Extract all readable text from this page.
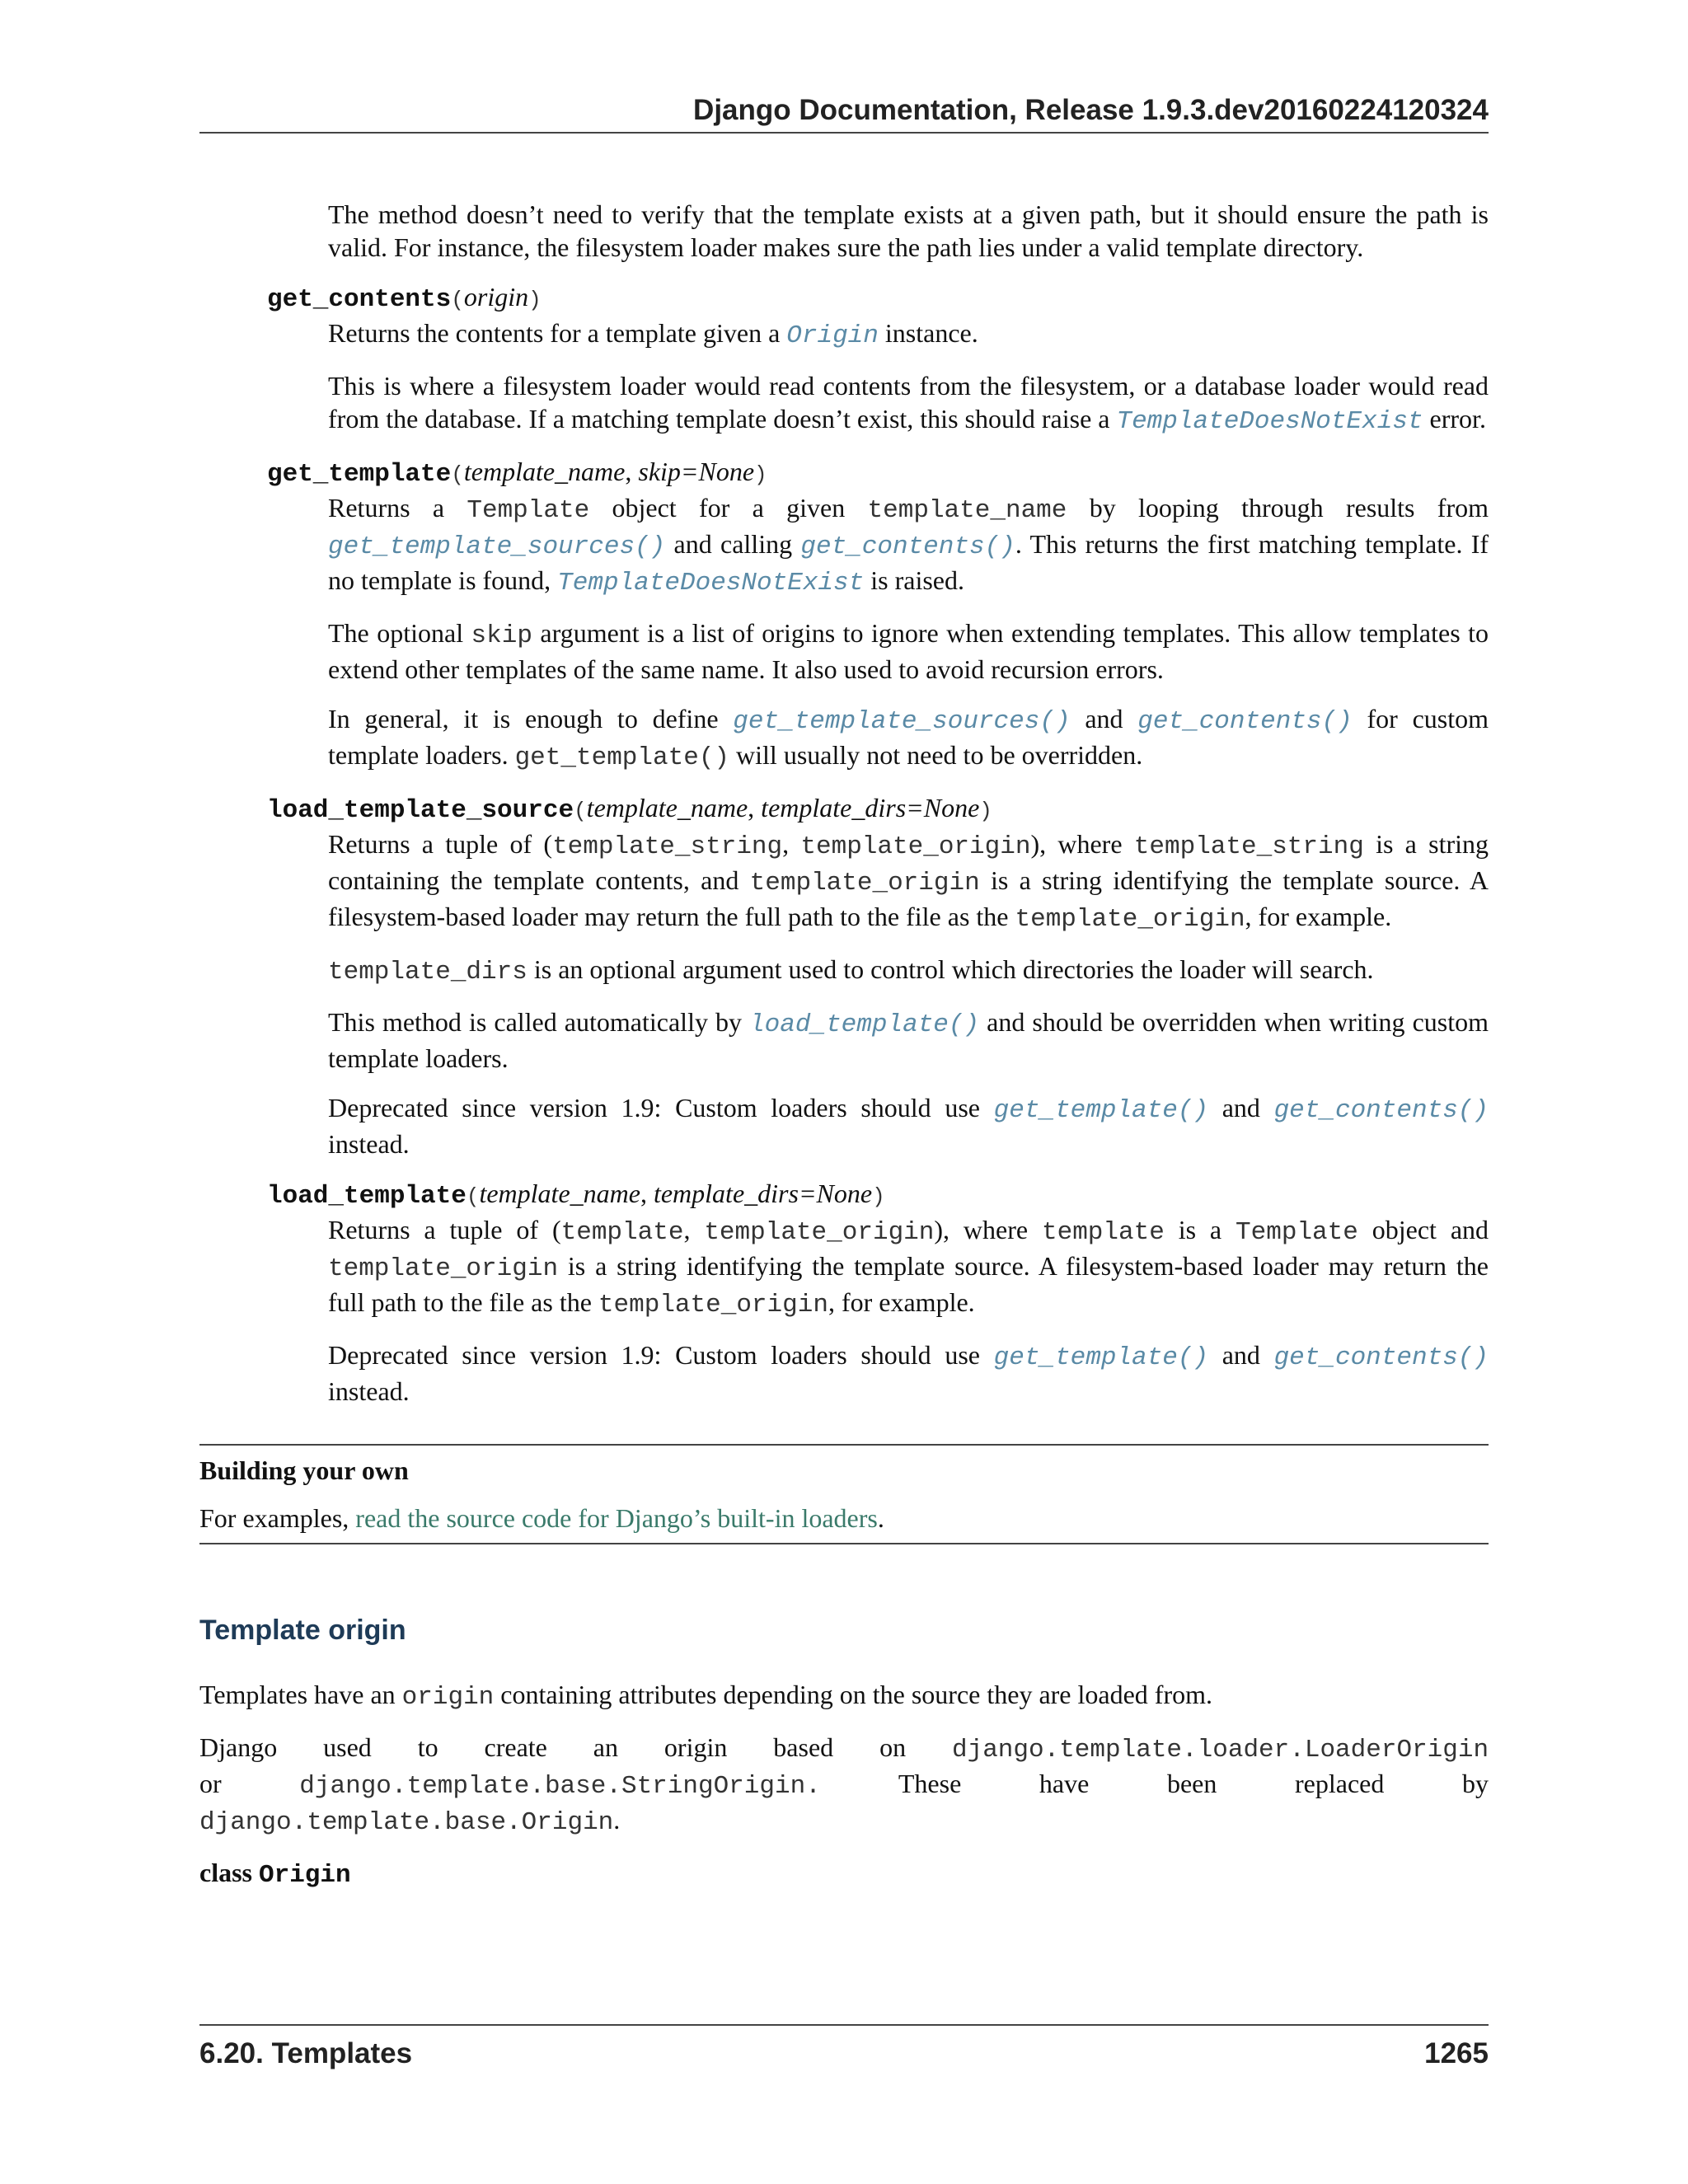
Django Documentation, Release 1.9.3.dev20160224120324

The method doesn’t need to verify that the template exists at a given path, but it should ensure the path is valid. For instance, the filesystem loader makes sure the path lies under a valid template directory.

get_contents(origin)

Returns the contents for a template given a Origin instance.

This is where a filesystem loader would read contents from the filesystem, or a database loader would read from the database. If a matching template doesn’t exist, this should raise a TemplateDoesNotExist error.

get_template(template_name, skip=None)

Returns a Template object for a given template_name by looping through results from get_template_sources() and calling get_contents(). This returns the first matching template. If no template is found, TemplateDoesNotExist is raised.

The optional skip argument is a list of origins to ignore when extending templates. This allow templates to extend other templates of the same name. It also used to avoid recursion errors.

In general, it is enough to define get_template_sources() and get_contents() for custom template loaders. get_template() will usually not need to be overridden.

load_template_source(template_name, template_dirs=None)

Returns a tuple of (template_string, template_origin), where template_string is a string containing the template contents, and template_origin is a string identifying the template source. A filesystem-based loader may return the full path to the file as the template_origin, for example.

template_dirs is an optional argument used to control which directories the loader will search.

This method is called automatically by load_template() and should be overridden when writing custom template loaders.

Deprecated since version 1.9: Custom loaders should use get_template() and get_contents() instead.

load_template(template_name, template_dirs=None)

Returns a tuple of (template, template_origin), where template is a Template object and template_origin is a string identifying the template source. A filesystem-based loader may return the full path to the file as the template_origin, for example.

Deprecated since version 1.9: Custom loaders should use get_template() and get_contents() instead.

Building your own

For examples, read the source code for Django’s built-in loaders.

Template origin

Templates have an origin containing attributes depending on the source they are loaded from.

Django used to create an origin based on django.template.loader.LoaderOrigin

or	django.template.base.StringOrigin.	These	have	been	replaced	by

django.template.base.Origin.

class Origin
6.20. Templates	1265
